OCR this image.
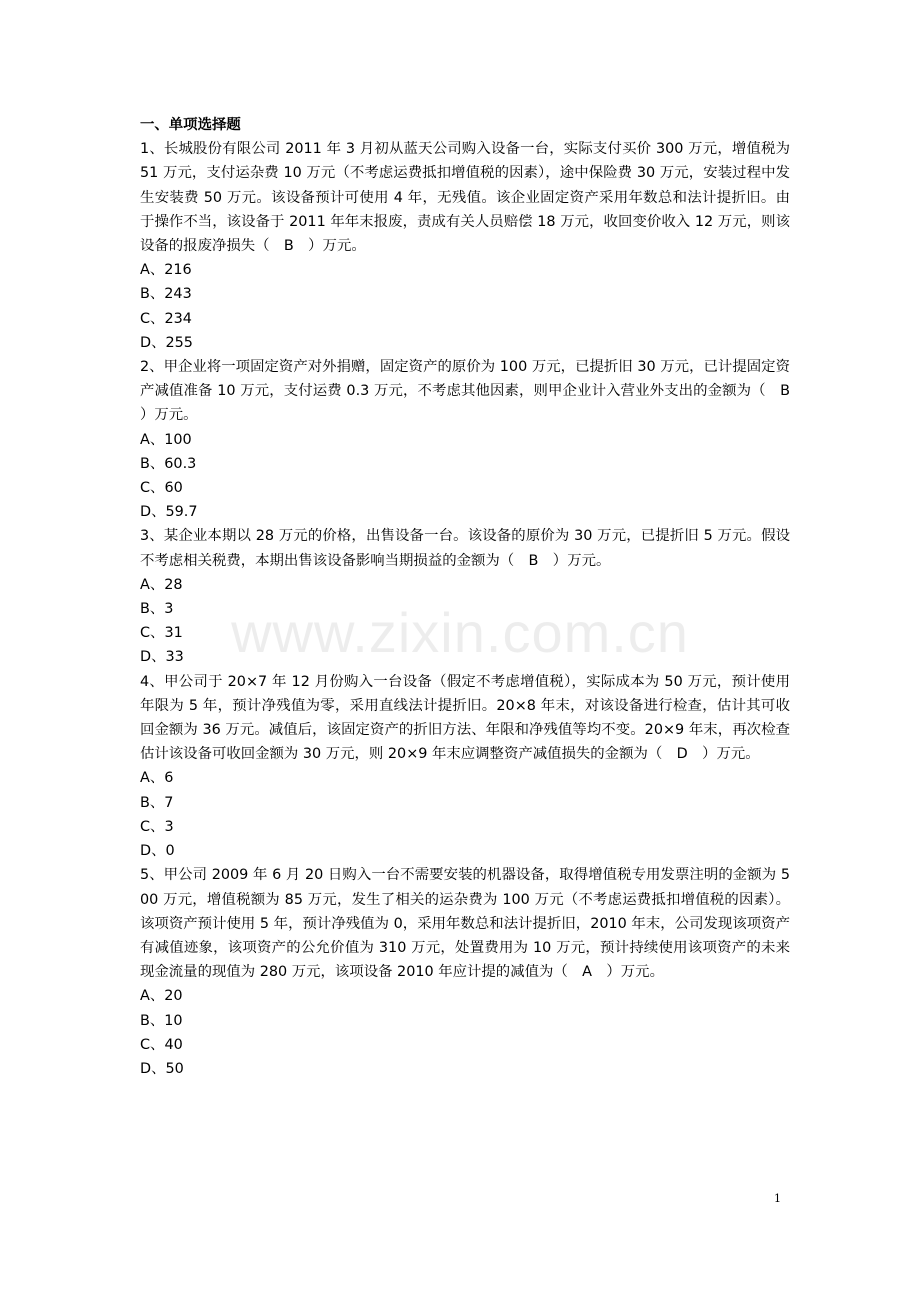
一、单项选择题

1、长城股份有限公司 2011 年 3 月初从蓝天公司购入设备一台，实际支付买价 300 万元，增值税为 51 万元，支付运杂费 10 万元（不考虑运费抵扣增值税的因素），途中保险费 30 万元，安装过程中发生安装费 50 万元。该设备预计可使用 4 年，无残值。该企业固定资产采用年数总和法计提折旧。由于操作不当，该设备于 2011 年年末报废，责成有关人员赔偿 18 万元，收回变价收入 12 万元，则该设备的报废净损失（　B　）万元。

A、216

B、243

C、234

D、255

2、甲企业将一项固定资产对外捐赠，固定资产的原价为 100 万元，已提折旧 30 万元，已计提固定资产减值准备 10 万元，支付运费 0.3 万元，不考虑其他因素，则甲企业计入营业外支出的金额为（　B　）万元。

A、100

B、60.3

C、60

D、59.7

3、某企业本期以 28 万元的价格，出售设备一台。该设备的原价为 30 万元，已提折旧 5 万元。假设不考虑相关税费，本期出售该设备影响当期损益的金额为（　B　）万元。

A、28

B、3

C、31

D、33

4、甲公司于 20×7 年 12 月份购入一台设备（假定不考虑增值税），实际成本为 50 万元，预计使用年限为 5 年，预计净残值为零，采用直线法计提折旧。20×8 年末，对该设备进行检查，估计其可收回金额为 36 万元。减值后，该固定资产的折旧方法、年限和净残值等均不变。20×9 年末，再次检查估计该设备可收回金额为 30 万元，则 20×9 年末应调整资产减值损失的金额为（　D　）万元。

A、6

B、7

C、3

D、0

5、甲公司 2009 年 6 月 20 日购入一台不需要安装的机器设备，取得增值税专用发票注明的金额为 500 万元，增值税额为 85 万元，发生了相关的运杂费为 100 万元（不考虑运费抵扣增值税的因素）。该项资产预计使用 5 年，预计净残值为 0，采用年数总和法计提折旧，2010 年末，公司发现该项资产有减值迹象，该项资产的公允价值为 310 万元，处置费用为 10 万元，预计持续使用该项资产的未来现金流量的现值为 280 万元，该项设备 2010 年应计提的减值为（　A　）万元。

A、20

B、10

C、40

D、50

www.zixin.com.cn
1
